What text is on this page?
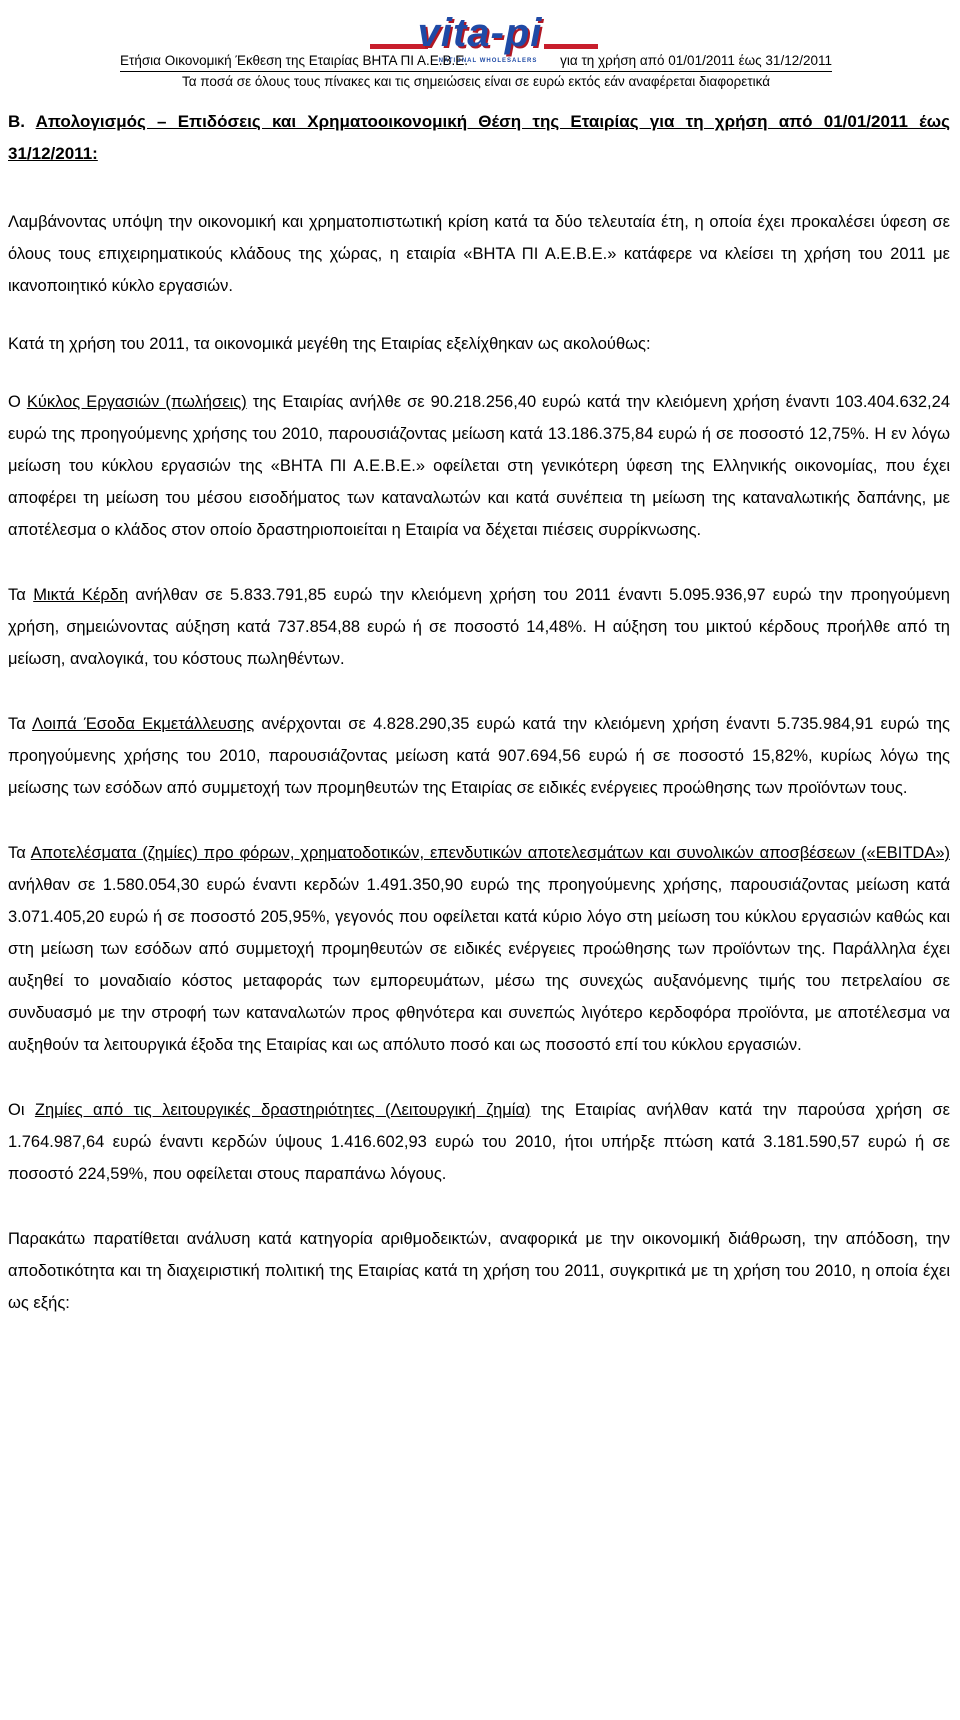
vita-pi
NATIONAL WHOLESALERS
Ετήσια Οικονομική Έκθεση της Εταιρίας ΒΗΤΑ ΠΙ Α.Ε.Β.Ε.	για τη χρήση από 01/01/2011 έως 31/12/2011
Τα ποσά σε όλους τους πίνακες και τις σημειώσεις είναι σε ευρώ εκτός εάν αναφέρεται διαφορετικά

Β. Απολογισμός – Επιδόσεις και Χρηματοοικονομική Θέση της Εταιρίας για τη χρήση από 01/01/2011 έως 31/12/2011:

Λαμβάνοντας υπόψη την οικονομική και χρηματοπιστωτική κρίση κατά τα δύο τελευταία έτη, η οποία έχει προκαλέσει ύφεση σε όλους τους επιχειρηματικούς κλάδους της χώρας, η εταιρία «ΒΗΤΑ ΠΙ Α.Ε.Β.Ε.» κατάφερε να κλείσει τη χρήση του 2011 με ικανοποιητικό κύκλο εργασιών.

Κατά τη χρήση του 2011, τα οικονομικά μεγέθη της Εταιρίας εξελίχθηκαν ως ακολούθως:

Ο Κύκλος Εργασιών (πωλήσεις) της Εταιρίας ανήλθε σε 90.218.256,40 ευρώ κατά την κλειόμενη χρήση έναντι 103.404.632,24 ευρώ της προηγούμενης χρήσης του 2010, παρουσιάζοντας μείωση κατά 13.186.375,84 ευρώ ή σε ποσοστό 12,75%. Η εν λόγω μείωση του κύκλου εργασιών της «ΒΗΤΑ ΠΙ Α.Ε.Β.Ε.» οφείλεται στη γενικότερη ύφεση της Ελληνικής οικονομίας, που έχει αποφέρει τη μείωση του μέσου εισοδήματος των καταναλωτών και κατά συνέπεια τη μείωση της καταναλωτικής δαπάνης, με αποτέλεσμα ο κλάδος στον οποίο δραστηριοποιείται η Εταιρία να δέχεται πιέσεις συρρίκνωσης.

Τα Μικτά Κέρδη ανήλθαν σε 5.833.791,85 ευρώ την κλειόμενη χρήση του 2011 έναντι 5.095.936,97 ευρώ την προηγούμενη χρήση, σημειώνοντας αύξηση κατά 737.854,88 ευρώ ή σε ποσοστό 14,48%. Η αύξηση του μικτού κέρδους προήλθε από τη μείωση, αναλογικά, του κόστους πωληθέντων.

Τα Λοιπά Έσοδα Εκμετάλλευσης ανέρχονται σε 4.828.290,35 ευρώ κατά την κλειόμενη χρήση έναντι 5.735.984,91 ευρώ της προηγούμενης χρήσης του 2010, παρουσιάζοντας μείωση κατά 907.694,56 ευρώ ή σε ποσοστό 15,82%, κυρίως λόγω της μείωσης των εσόδων από συμμετοχή των προμηθευτών της Εταιρίας σε ειδικές ενέργειες προώθησης των προϊόντων τους.

Τα Αποτελέσματα (ζημίες) προ φόρων, χρηματοδοτικών, επενδυτικών αποτελεσμάτων και συνολικών αποσβέσεων («EBITDA») ανήλθαν σε 1.580.054,30 ευρώ έναντι κερδών 1.491.350,90 ευρώ της προηγούμενης χρήσης, παρουσιάζοντας μείωση κατά 3.071.405,20 ευρώ ή σε ποσοστό 205,95%, γεγονός που οφείλεται κατά κύριο λόγο στη μείωση του κύκλου εργασιών καθώς και στη μείωση των εσόδων από συμμετοχή προμηθευτών σε ειδικές ενέργειες προώθησης των προϊόντων της. Παράλληλα έχει αυξηθεί το μοναδιαίο κόστος μεταφοράς των εμπορευμάτων, μέσω της συνεχώς αυξανόμενης τιμής του πετρελαίου σε συνδυασμό με την στροφή των καταναλωτών προς φθηνότερα και συνεπώς λιγότερο κερδοφόρα προϊόντα, με αποτέλεσμα να αυξηθούν τα λειτουργικά έξοδα της Εταιρίας και ως απόλυτο ποσό και ως ποσοστό επί του κύκλου εργασιών.

Οι Ζημίες από τις λειτουργικές δραστηριότητες (Λειτουργική ζημία) της Εταιρίας ανήλθαν κατά την παρούσα χρήση σε 1.764.987,64 ευρώ έναντι κερδών ύψους 1.416.602,93 ευρώ του 2010, ήτοι υπήρξε πτώση κατά 3.181.590,57 ευρώ ή σε ποσοστό 224,59%, που οφείλεται στους παραπάνω λόγους.

Παρακάτω παρατίθεται ανάλυση κατά κατηγορία αριθμοδεικτών, αναφορικά με την οικονομική διάθρωση, την απόδοση, την αποδοτικότητα και τη διαχειριστική πολιτική της Εταιρίας κατά τη χρήση του 2011, συγκριτικά με τη χρήση του 2010, η οποία έχει ως εξής:
